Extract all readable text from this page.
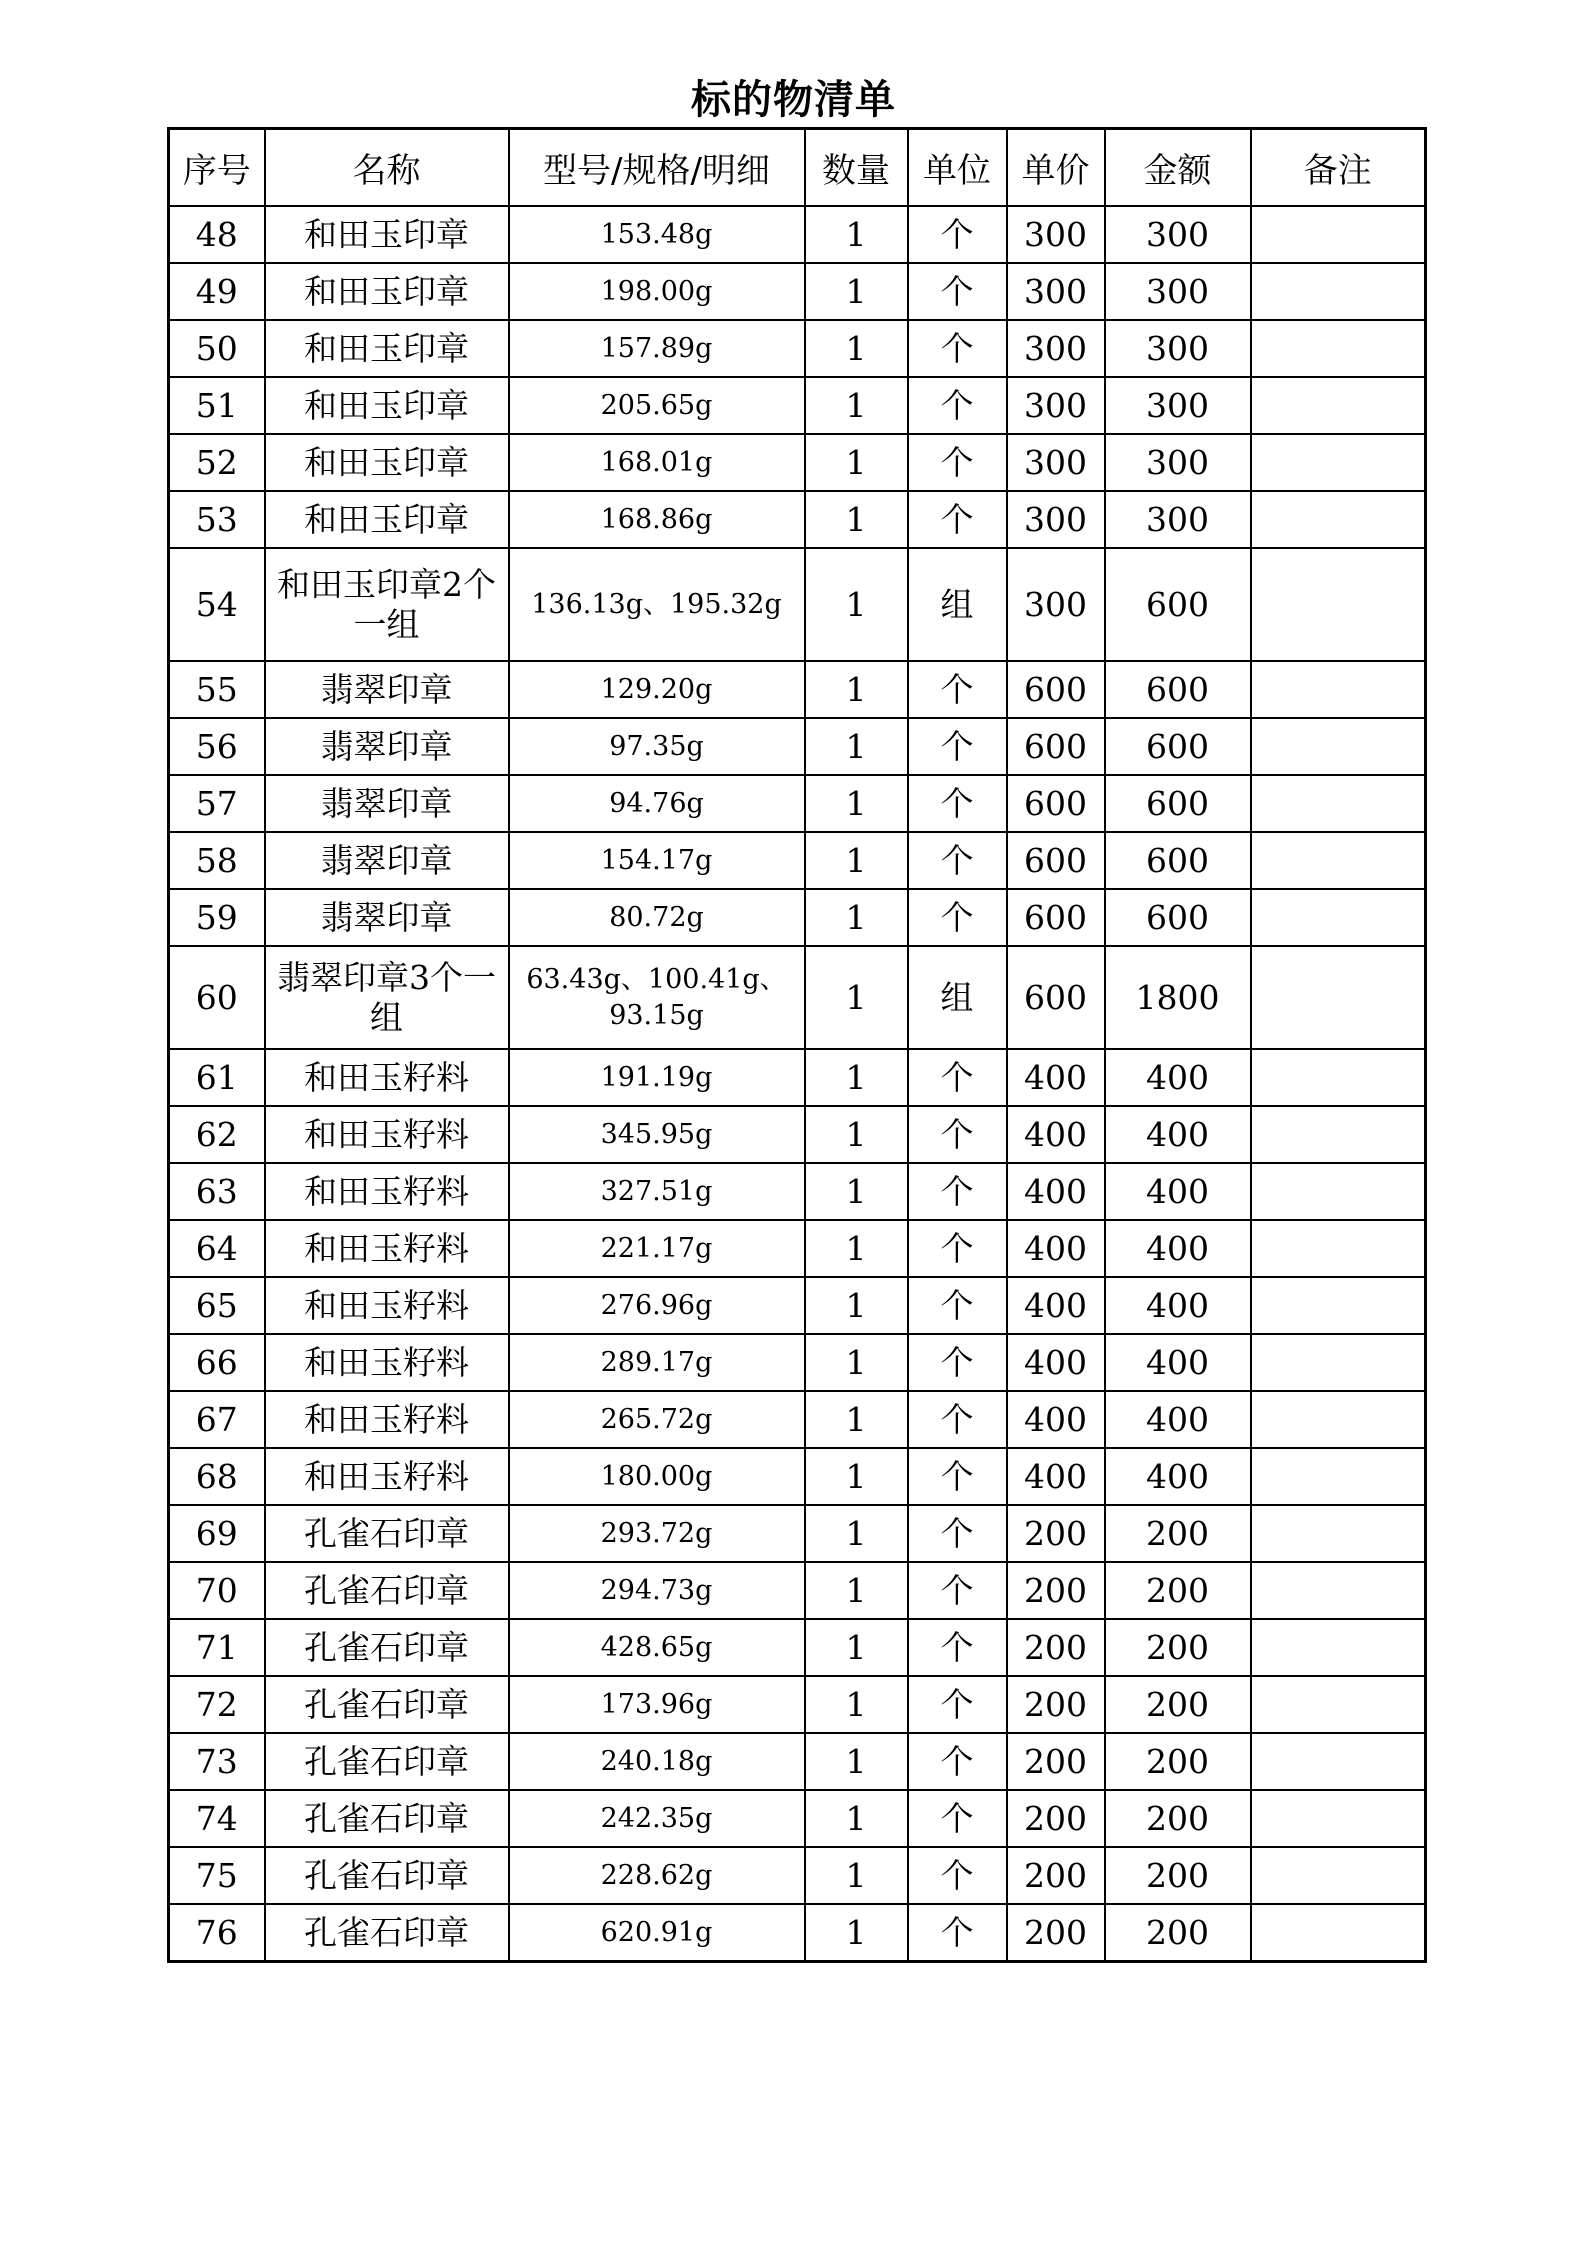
标的物清单
序号	名称	型号/规格/明细	数量	单位	单价	金额	备注
48	和田玉印章	153.48g	1	个	300	300	
49	和田玉印章	198.00g	1	个	300	300	
50	和田玉印章	157.89g	1	个	300	300	
51	和田玉印章	205.65g	1	个	300	300	
52	和田玉印章	168.01g	1	个	300	300	
53	和田玉印章	168.86g	1	个	300	300	
54	和田玉印章2个一组	136.13g、195.32g	1	组	300	600	
55	翡翠印章	129.20g	1	个	600	600	
56	翡翠印章	97.35g	1	个	600	600	
57	翡翠印章	94.76g	1	个	600	600	
58	翡翠印章	154.17g	1	个	600	600	
59	翡翠印章	80.72g	1	个	600	600	
60	翡翠印章3个一组	63.43g、100.41g、93.15g	1	组	600	1800	
61	和田玉籽料	191.19g	1	个	400	400	
62	和田玉籽料	345.95g	1	个	400	400	
63	和田玉籽料	327.51g	1	个	400	400	
64	和田玉籽料	221.17g	1	个	400	400	
65	和田玉籽料	276.96g	1	个	400	400	
66	和田玉籽料	289.17g	1	个	400	400	
67	和田玉籽料	265.72g	1	个	400	400	
68	和田玉籽料	180.00g	1	个	400	400	
69	孔雀石印章	293.72g	1	个	200	200	
70	孔雀石印章	294.73g	1	个	200	200	
71	孔雀石印章	428.65g	1	个	200	200	
72	孔雀石印章	173.96g	1	个	200	200	
73	孔雀石印章	240.18g	1	个	200	200	
74	孔雀石印章	242.35g	1	个	200	200	
75	孔雀石印章	228.62g	1	个	200	200	
76	孔雀石印章	620.91g	1	个	200	200	
